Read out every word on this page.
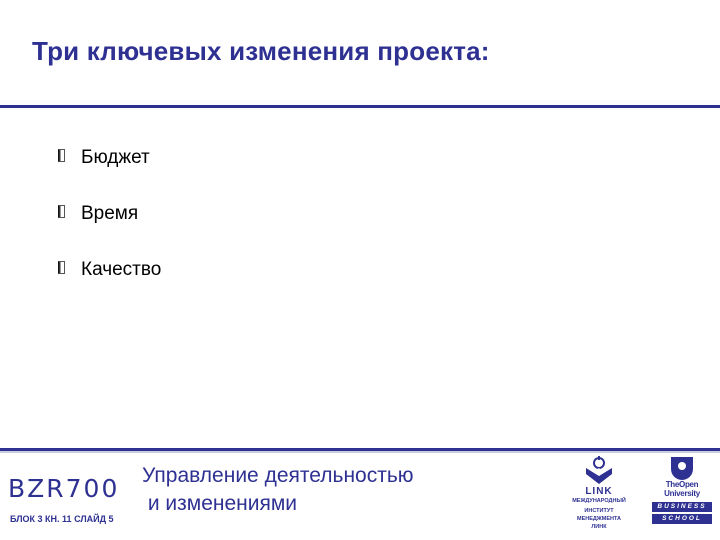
Три ключевых изменения проекта:
Бюджет
Время
Качество
BZR700
БЛОК 3 КН. 11 СЛАЙД 5
Управление деятельностью
и изменениями
LINK
МЕЖДУНАРОДНЫЙ
ИНСТИТУТ
МЕНЕДЖМЕНТА
ЛИНК
TheOpen
University
BUSINESS
SCHOOL
